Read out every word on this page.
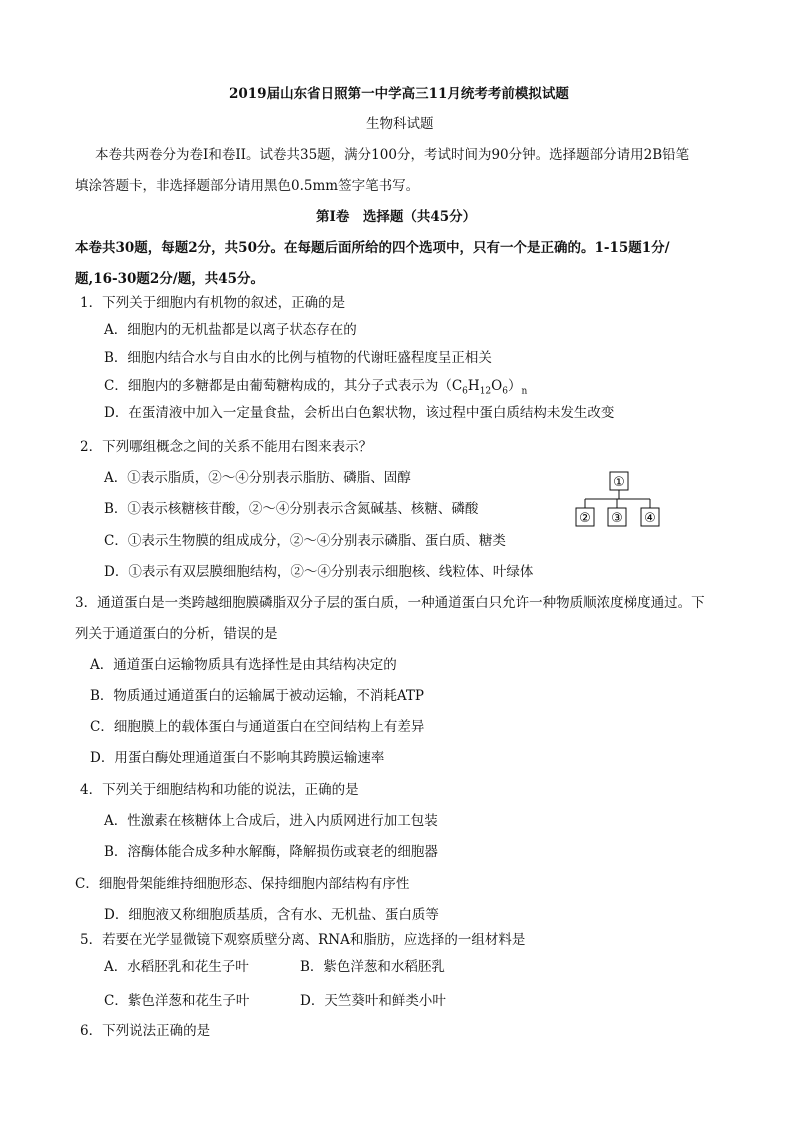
2019届山东省日照第一中学高三11月统考考前模拟试题
生物科试题
本卷共两卷分为卷I和卷II。试卷共35题，满分100分，考试时间为90分钟。选择题部分请用2B铅笔
填涂答题卡，非选择题部分请用黑色0.5mm签字笔书写。
第I卷　选择题（共45分）
本卷共30题，每题2分，共50分。在每题后面所给的四个选项中，只有一个是正确的。1-15题1分/
题,16-30题2分/题，共45分。
1．下列关于细胞内有机物的叙述，正确的是
A．细胞内的无机盐都是以离子状态存在的
B．细胞内结合水与自由水的比例与植物的代谢旺盛程度呈正相关
C．细胞内的多糖都是由葡萄糖构成的，其分子式表示为$(C_6H_{12}O_6)_n$
D．在蛋清液中加入一定量食盐，会析出白色絮状物，该过程中蛋白质结构未发生改变
2．下列哪组概念之间的关系不能用右图来表示？
A．①表示脂质，②～④分别表示脂肪、磷脂、固醇
B．①表示核糖核苷酸，②～④分别表示含氮碱基、核糖、磷酸
C．①表示生物膜的组成成分，②～④分别表示磷脂、蛋白质、糖类
D．①表示有双层膜细胞结构，②～④分别表示细胞核、线粒体、叶绿体
①
② ③ ④
3．通道蛋白是一类跨越细胞膜磷脂双分子层的蛋白质，一种通道蛋白只允许一种物质顺浓度梯度通过。下
列关于通道蛋白的分析，错误的是
A．通道蛋白运输物质具有选择性是由其结构决定的
B．物质通过通道蛋白的运输属于被动运输，不消耗ATP
C．细胞膜上的载体蛋白与通道蛋白在空间结构上有差异
D．用蛋白酶处理通道蛋白不影响其跨膜运输速率
4．下列关于细胞结构和功能的说法，正确的是
A．性激素在核糖体上合成后，进入内质网进行加工包装
B．溶酶体能合成多种水解酶，降解损伤或衰老的细胞器
C．细胞骨架能维持细胞形态、保持细胞内部结构有序性
D．细胞液又称细胞质基质，含有水、无机盐、蛋白质等
5．若要在光学显微镜下观察质壁分离、RNA和脂肪，应选择的一组材料是
A．水稻胚乳和花生子叶	B．紫色洋葱和水稻胚乳
C．紫色洋葱和花生子叶	D．天竺葵叶和鲜类小叶
6．下列说法正确的是
